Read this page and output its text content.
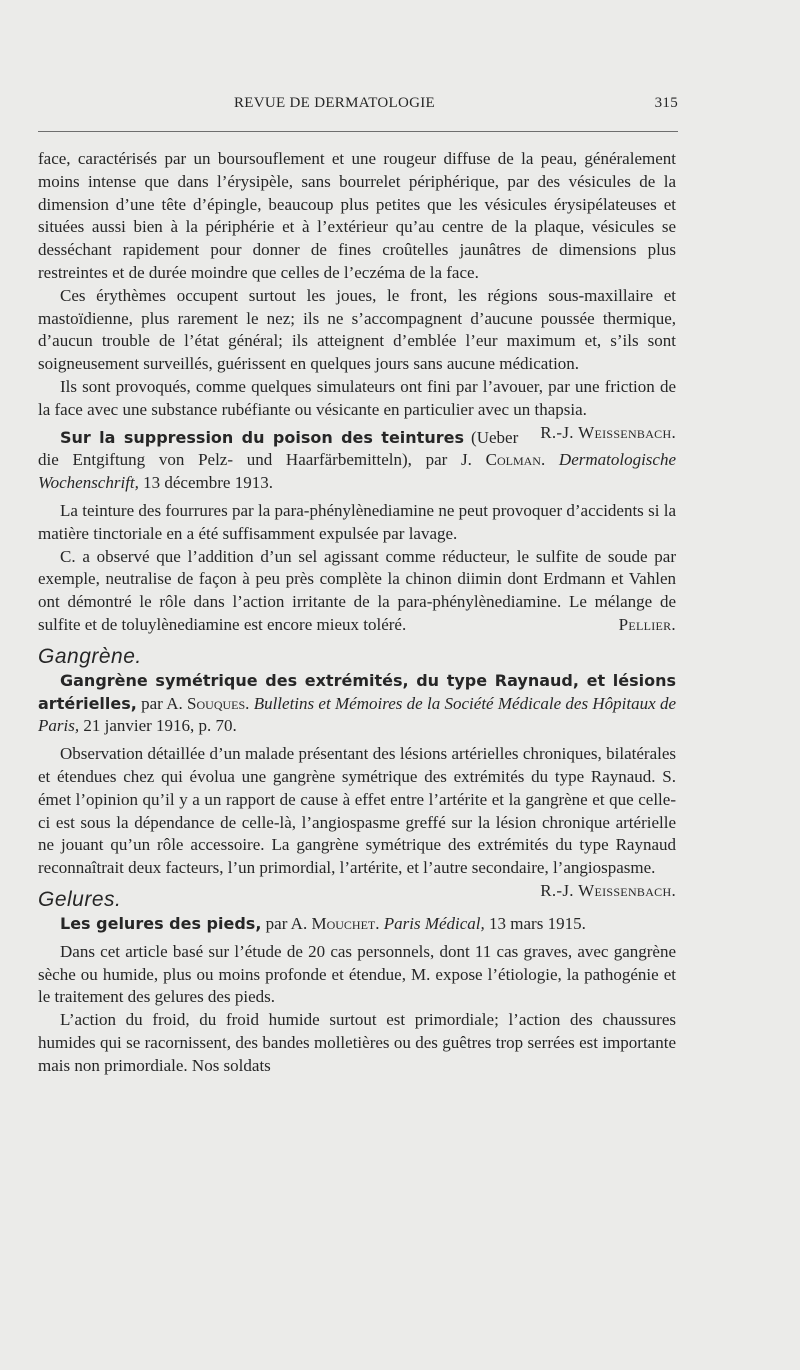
REVUE DE DERMATOLOGIE	315

face, caractérisés par un boursouflement et une rougeur diffuse de la peau, généralement moins intense que dans l’érysipèle, sans bourrelet périphérique, par des vésicules de la dimension d’une tête d’épingle, beaucoup plus petites que les vésicules érysipélateuses et situées aussi bien à la périphérie et à l’extérieur qu’au centre de la plaque, vésicules se desséchant rapidement pour donner de fines croûtelles jaunâtres de dimensions plus restreintes et de durée moindre que celles de l’eczéma de la face.

Ces érythèmes occupent surtout les joues, le front, les régions sous-maxillaire et mastoïdienne, plus rarement le nez; ils ne s’accompagnent d’aucune poussée thermique, d’aucun trouble de l’état général; ils atteignent d’emblée l’eur maximum et, s’ils sont soigneusement surveillés, guérissent en quelques jours sans aucune médication.

Ils sont provoqués, comme quelques simulateurs ont fini par l’avouer, par une friction de la face avec une substance rubéfiante ou vésicante en particulier avec un thapsia.
R.-J. Weissenbach.

Sur la suppression du poison des teintures (Ueber die Entgiftung von Pelz- und Haarfärbemitteln), par J. Colman. Dermatologische Wochenschrift, 13 décembre 1913.

La teinture des fourrures par la para-phénylènediamine ne peut provoquer d’accidents si la matière tinctoriale en a été suffisamment expulsée par lavage.

C. a observé que l’addition d’un sel agissant comme réducteur, le sulfite de soude par exemple, neutralise de façon à peu près complète la chinon diimin dont Erdmann et Vahlen ont démontré le rôle dans l’action irritante de la para-phénylènediamine. Le mélange de sulfite et de toluylènediamine est encore mieux toléré.	Pellier.

Gangrène.

Gangrène symétrique des extrémités, du type Raynaud, et lésions artérielles, par A. Souques. Bulletins et Mémoires de la Société Médicale des Hôpitaux de Paris, 21 janvier 1916, p. 70.

Observation détaillée d’un malade présentant des lésions artérielles chroniques, bilatérales et étendues chez qui évolua une gangrène symétrique des extrémités du type Raynaud. S. émet l’opinion qu’il y a un rapport de cause à effet entre l’artérite et la gangrène et que celle-ci est sous la dépendance de celle-là, l’angiospasme greffé sur la lésion chronique artérielle ne jouant qu’un rôle accessoire. La gangrène symétrique des extrémités du type Raynaud reconnaîtrait deux facteurs, l’un primordial, l’artérite, et l’autre secondaire, l’angiospasme.
R.-J. Weissenbach.

Gelures.

Les gelures des pieds, par A. Mouchet. Paris Médical, 13 mars 1915.

Dans cet article basé sur l’étude de 20 cas personnels, dont 11 cas graves, avec gangrène sèche ou humide, plus ou moins profonde et étendue, M. expose l’étiologie, la pathogénie et le traitement des gelures des pieds.

L’action du froid, du froid humide surtout est primordiale; l’action des chaussures humides qui se racornissent, des bandes molletières ou des guêtres trop serrées est importante mais non primordiale. Nos soldats
